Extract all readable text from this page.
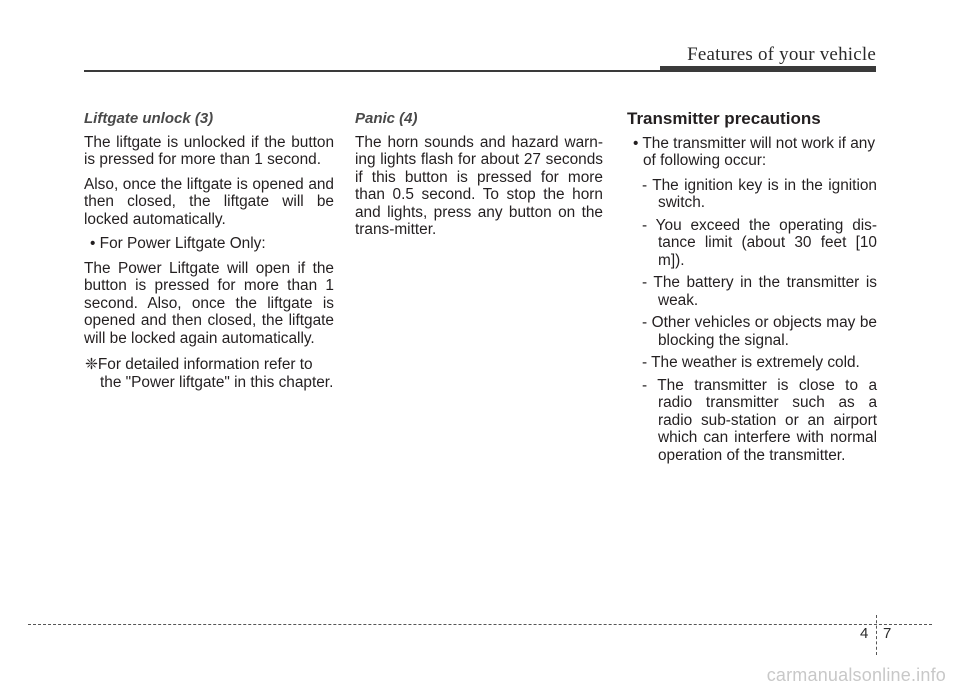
Features of your vehicle
Liftgate unlock (3)

The liftgate is unlocked if the button is pressed for more than 1 second.

Also, once the liftgate is opened and then closed, the liftgate will be locked automatically.

• For Power Liftgate Only:

The Power Liftgate will open if the button is pressed for more than 1 second. Also, once the liftgate is opened and then closed, the liftgate will be locked again automatically.

❈For detailed information refer to the "Power liftgate" in this chapter.
Panic (4)

The horn sounds and hazard warn-ing lights flash for about 27 seconds if this button is pressed for more than 0.5 second. To stop the horn and lights, press any button on the trans-mitter.

Transmitter precautions
• The transmitter will not work if any of following occur:
- The ignition key is in the ignition switch.
- You exceed the operating dis-tance limit (about 30 feet [10 m]).
- The battery in the transmitter is weak.
- Other vehicles or objects may be blocking the signal.
- The weather is extremely cold.
- The transmitter is close to a radio transmitter such as a radio sub-station or an airport which can interfere with normal operation of the transmitter.
4 7
carmanualsonline.info
